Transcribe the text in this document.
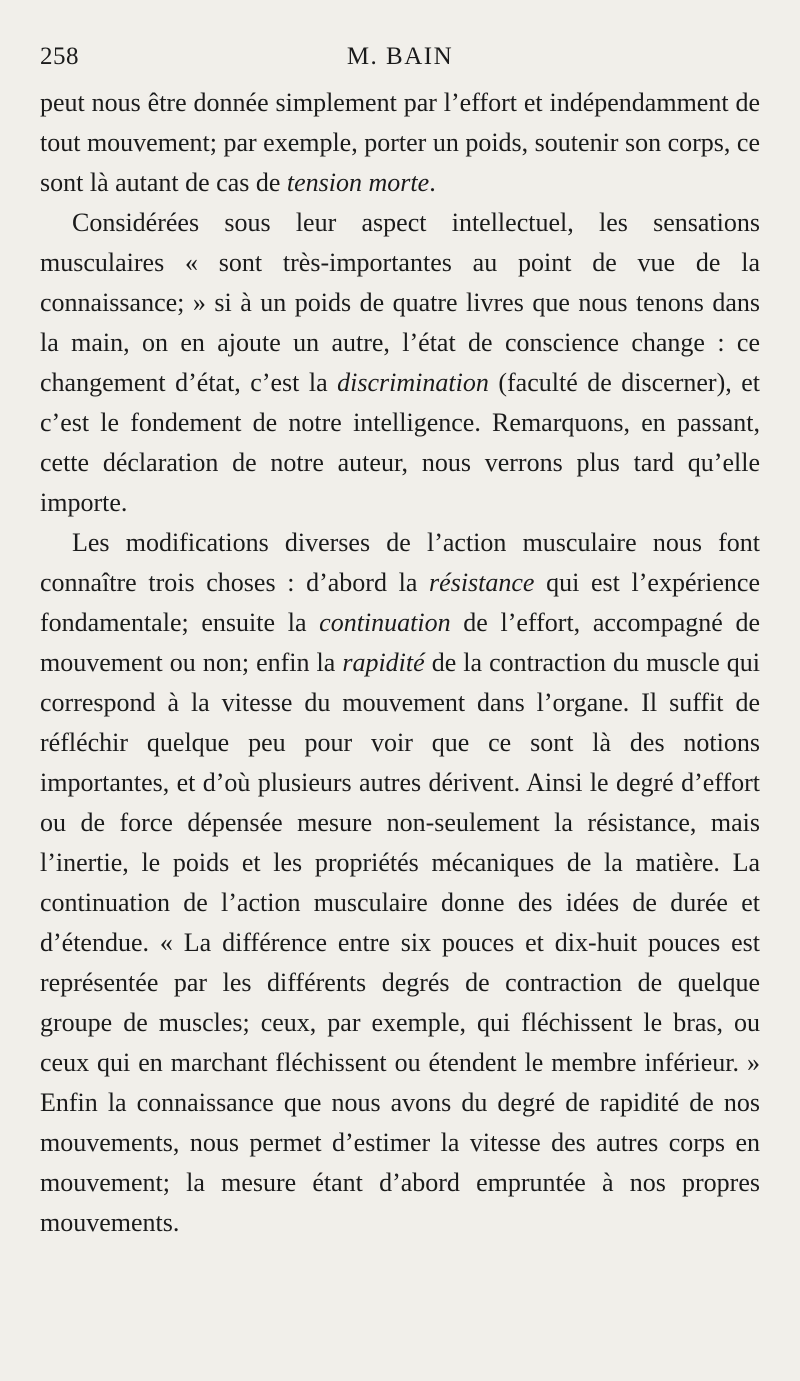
258	M. BAIN

peut nous être donnée simplement par l’effort et indépendamment de tout mouvement; par exemple, porter un poids, soutenir son corps, ce sont là autant de cas de tension morte.

Considérées sous leur aspect intellectuel, les sensations musculaires « sont très-importantes au point de vue de la connaissance; » si à un poids de quatre livres que nous tenons dans la main, on en ajoute un autre, l’état de conscience change : ce changement d’état, c’est la discrimination (faculté de discerner), et c’est le fondement de notre intelligence. Remarquons, en passant, cette déclaration de notre auteur, nous verrons plus tard qu’elle importe.

Les modifications diverses de l’action musculaire nous font connaître trois choses : d’abord la résistance qui est l’expérience fondamentale; ensuite la continuation de l’effort, accompagné de mouvement ou non; enfin la rapidité de la contraction du muscle qui correspond à la vitesse du mouvement dans l’organe. Il suffit de réfléchir quelque peu pour voir que ce sont là des notions importantes, et d’où plusieurs autres dérivent. Ainsi le degré d’effort ou de force dépensée mesure non-seulement la résistance, mais l’inertie, le poids et les propriétés mécaniques de la matière. La continuation de l’action musculaire donne des idées de durée et d’étendue. « La différence entre six pouces et dix-huit pouces est représentée par les différents degrés de contraction de quelque groupe de muscles; ceux, par exemple, qui fléchissent le bras, ou ceux qui en marchant fléchissent ou étendent le membre inférieur. » Enfin la connaissance que nous avons du degré de rapidité de nos mouvements, nous permet d’estimer la vitesse des autres corps en mouvement; la mesure étant d’abord empruntée à nos propres mouvements.
